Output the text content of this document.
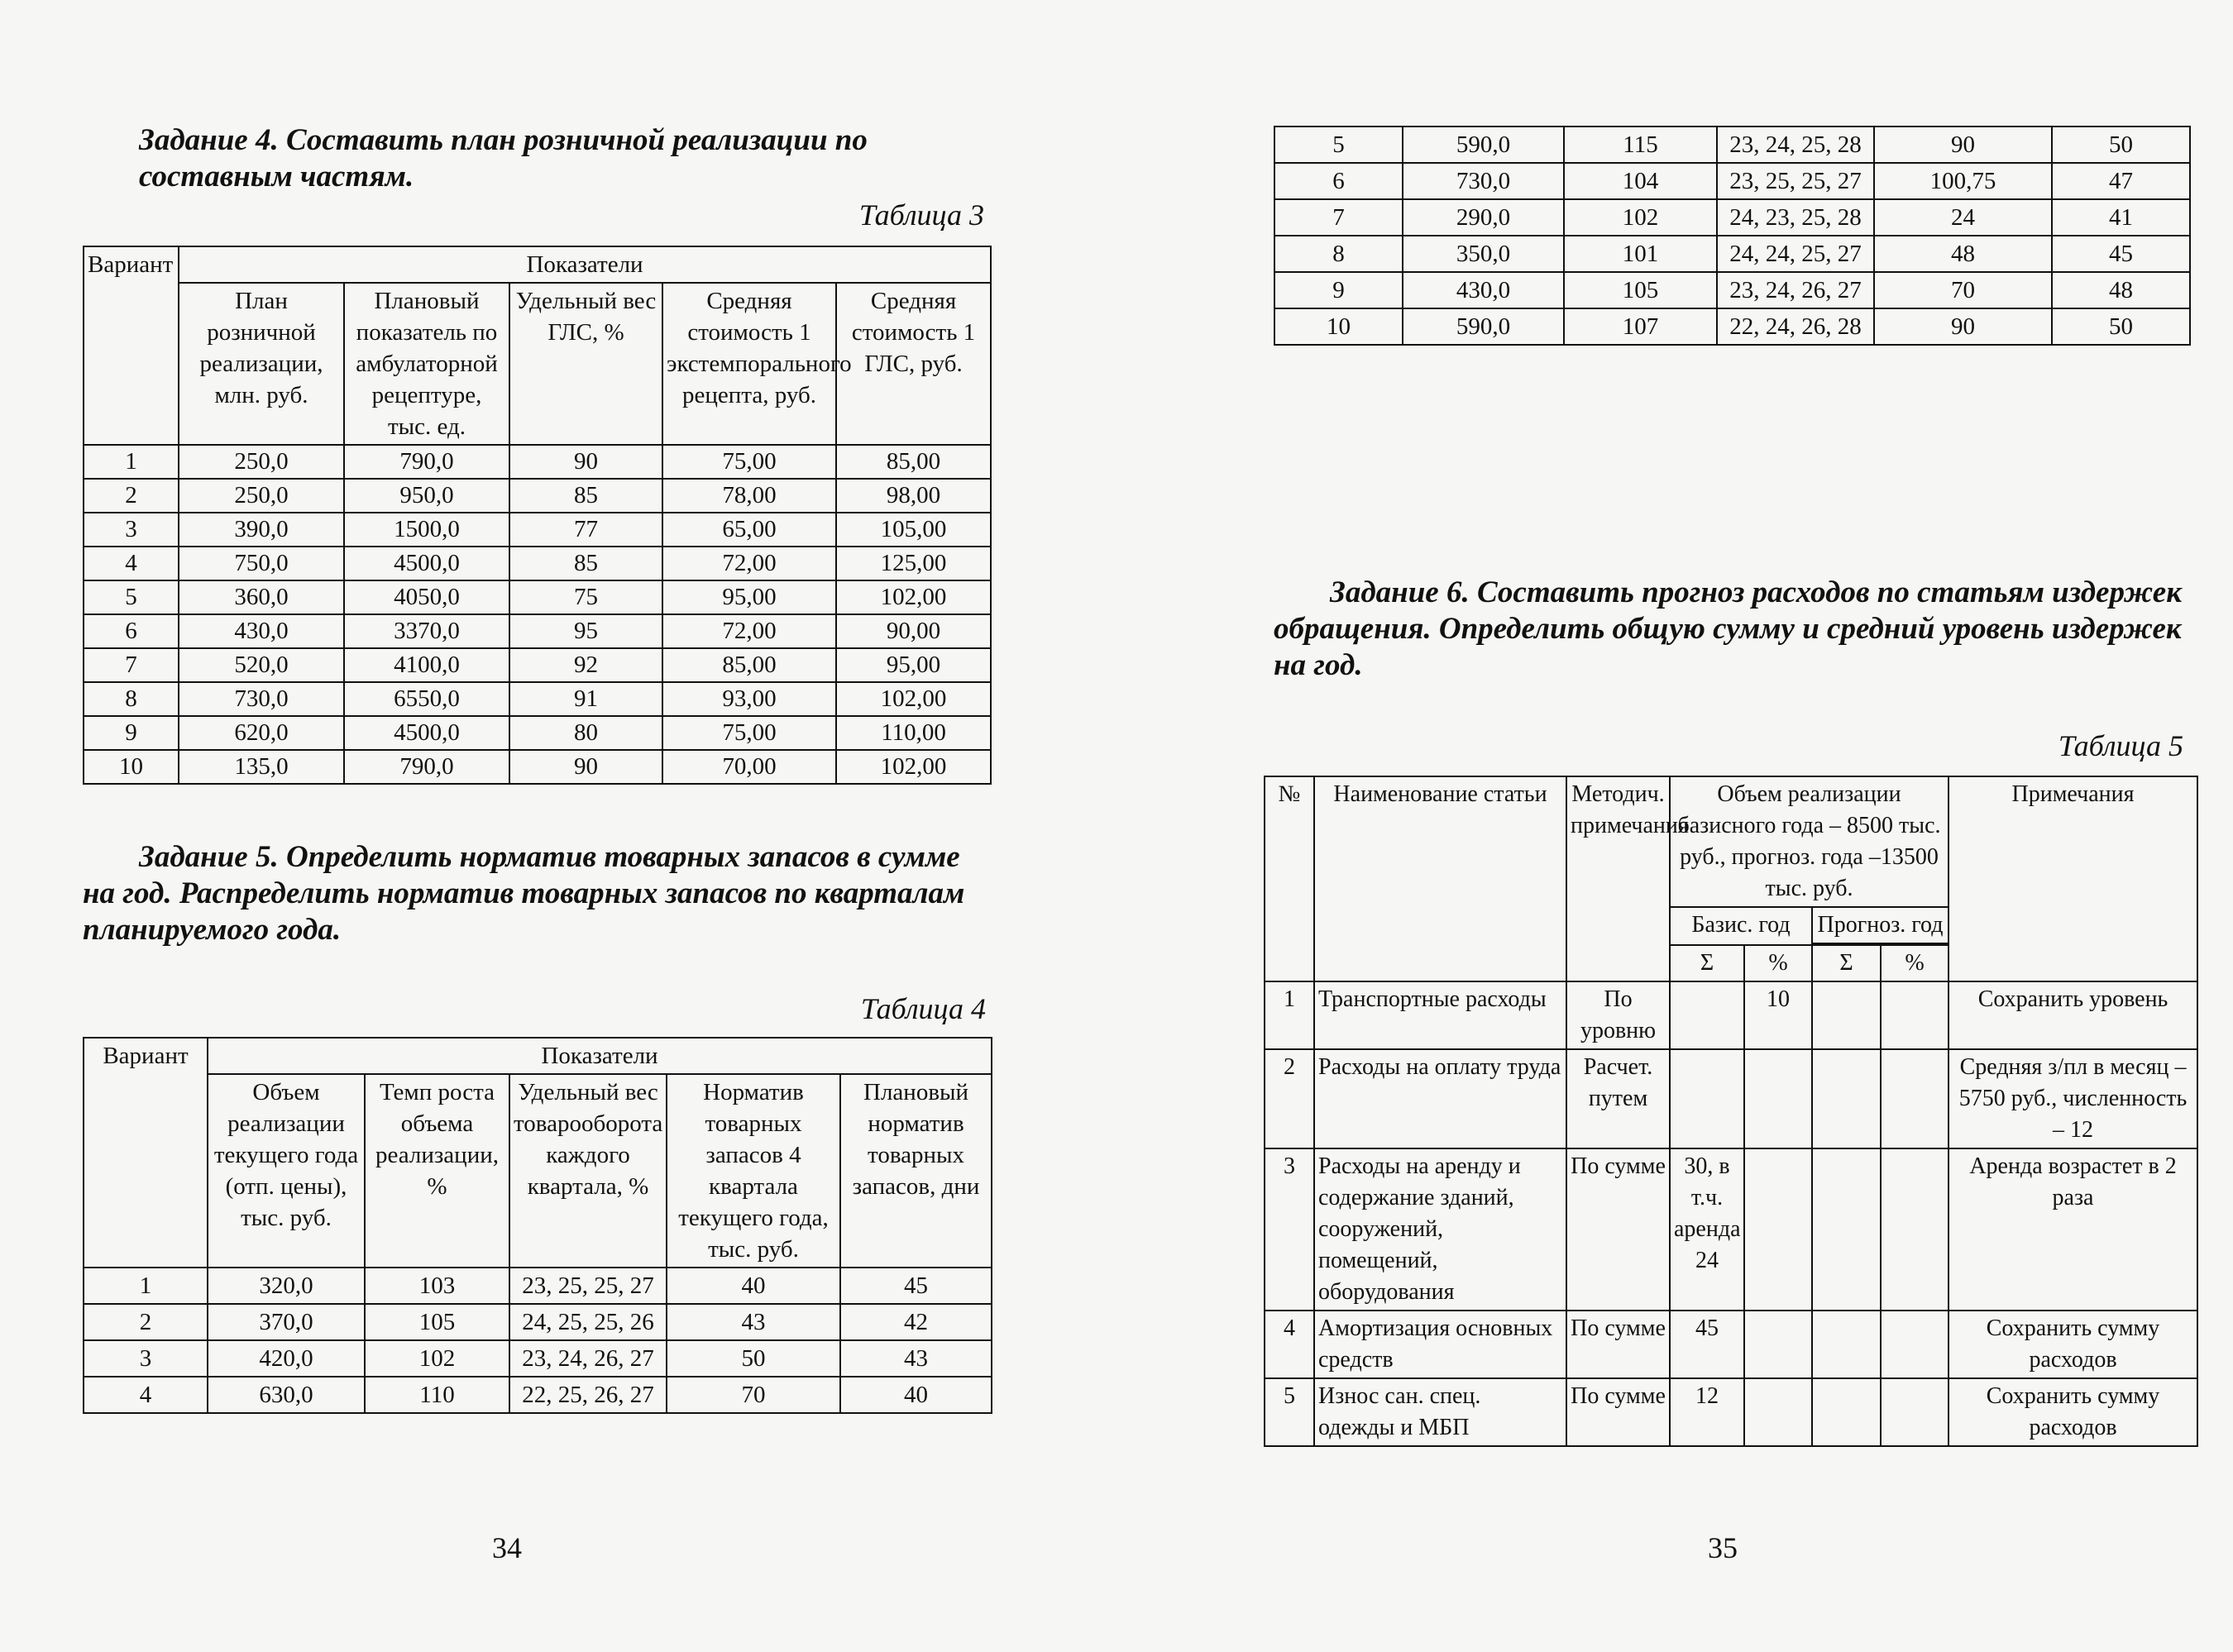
Задание 4. Составить план розничной реализации по составным частям.

Таблица 3

Вариант	Показатели				
	План розничной реализации, млн. руб.	Плановый показатель по амбулаторной рецептуре, тыс. ед.	Удельный вес ГЛС, %	Средняя стоимость 1 экстемпорального рецепта, руб.	Средняя стоимость 1 ГЛС, руб.
1	250,0	790,0	90	75,00	85,00
2	250,0	950,0	85	78,00	98,00
3	390,0	1500,0	77	65,00	105,00
4	750,0	4500,0	85	72,00	125,00
5	360,0	4050,0	75	95,00	102,00
6	430,0	3370,0	95	72,00	90,00
7	520,0	4100,0	92	85,00	95,00
8	730,0	6550,0	91	93,00	102,00
9	620,0	4500,0	80	75,00	110,00
10	135,0	790,0	90	70,00	102,00

Задание 5. Определить норматив товарных запасов в сумме на год. Распределить норматив товарных запасов по кварталам планируемого года.

Таблица 4

Вариант	Показатели				
	Объем реализации текущего года (отп. цены), тыс. руб.	Темп роста объема реализации, %	Удельный вес товарооборота каждого квартала, %	Норматив товарных запасов 4 квартала текущего года, тыс. руб.	Плановый норматив товарных запасов, дни
1	320,0	103	23, 25, 25, 27	40	45
2	370,0	105	24, 25, 25, 26	43	42
3	420,0	102	23, 24, 26, 27	50	43
4	630,0	110	22, 25, 26, 27	70	40

34

5	590,0	115	23, 24, 25, 28	90	50
6	730,0	104	23, 25, 25, 27	100,75	47
7	290,0	102	24, 23, 25, 28	24	41
8	350,0	101	24, 24, 25, 27	48	45
9	430,0	105	23, 24, 26, 27	70	48
10	590,0	107	22, 24, 26, 28	90	50

Задание 6. Составить прогноз расходов по статьям издержек обращения. Определить общую сумму и средний уровень издержек на год.

Таблица 5

№	Наименование статьи	Методич. примечания	Объем реализации базисного года – 8500 тыс. руб., прогноз. года –13500 тыс. руб.				Примечания
			Базис. год		Прогноз. год		

			Σ	%	Σ	%	
1	Транспортные расходы	По уровню		10			Сохранить уровень
2	Расходы на оплату труда	Расчет. путем					Средняя з/пл в месяц – 5750 руб., численность – 12
3	Расходы на аренду и содержание зданий, сооружений, помещений, оборудования	По сумме	30, в т.ч. аренда 24				Аренда возрастет в 2 раза
4	Амортизация основных средств	По сумме	45				Сохранить сумму расходов
5	Износ сан. спец. одежды и МБП	По сумме	12				Сохранить сумму расходов

35
